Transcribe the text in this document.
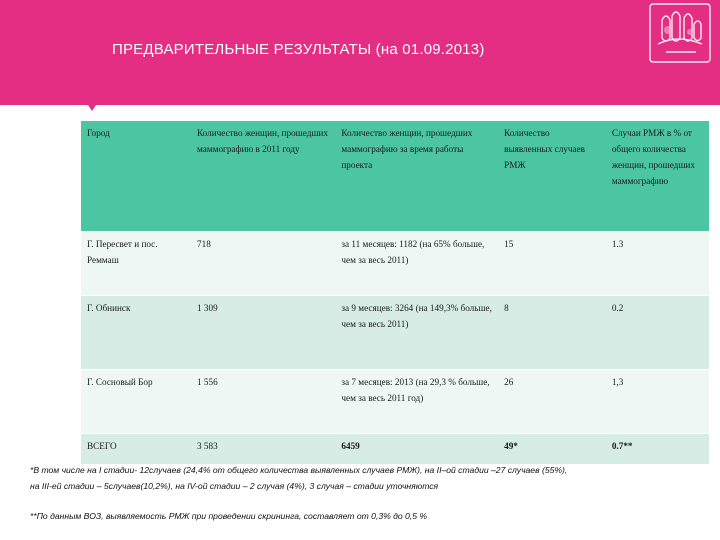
ПРЕДВАРИТЕЛЬНЫЕ РЕЗУЛЬТАТЫ (на 01.09.2013)
Город	Количество женщин, прошедших маммографию в 2011 году	Количество женщин, прошедших маммографию за время работы проекта	Количество выявленных случаев РМЖ	Случаи РМЖ в % от общего количества женщин, прошедших маммографию
Г. Пересвет и пос. Реммаш	718	за 11 месяцев: 1182 (на 65% больше, чем за весь 2011)	15	1.3
Г. Обнинск	1 309	за 9 месяцев: 3264 (на 149,3% больше, чем за весь 2011)	8	0.2
Г. Сосновый Бор	1 556	за 7 месяцев: 2013 (на 29,3 % больше, чем за весь 2011 год)	26	1,3
ВСЕГО	3 583	6459	49*	0.7**
*В том числе на I стадии- 12случаев (24,4% от общего количества выявленных случаев РМЖ), на II–ой стадии –27 случаев (55%),
на III-ей стадии – 5случаев(10,2%), на IV-ой стадии – 2 случая (4%), 3 случая – стадии уточняются
**По данным ВОЗ, выявляемость РМЖ при проведении скрининга, составляет от 0,3% до 0,5 %
